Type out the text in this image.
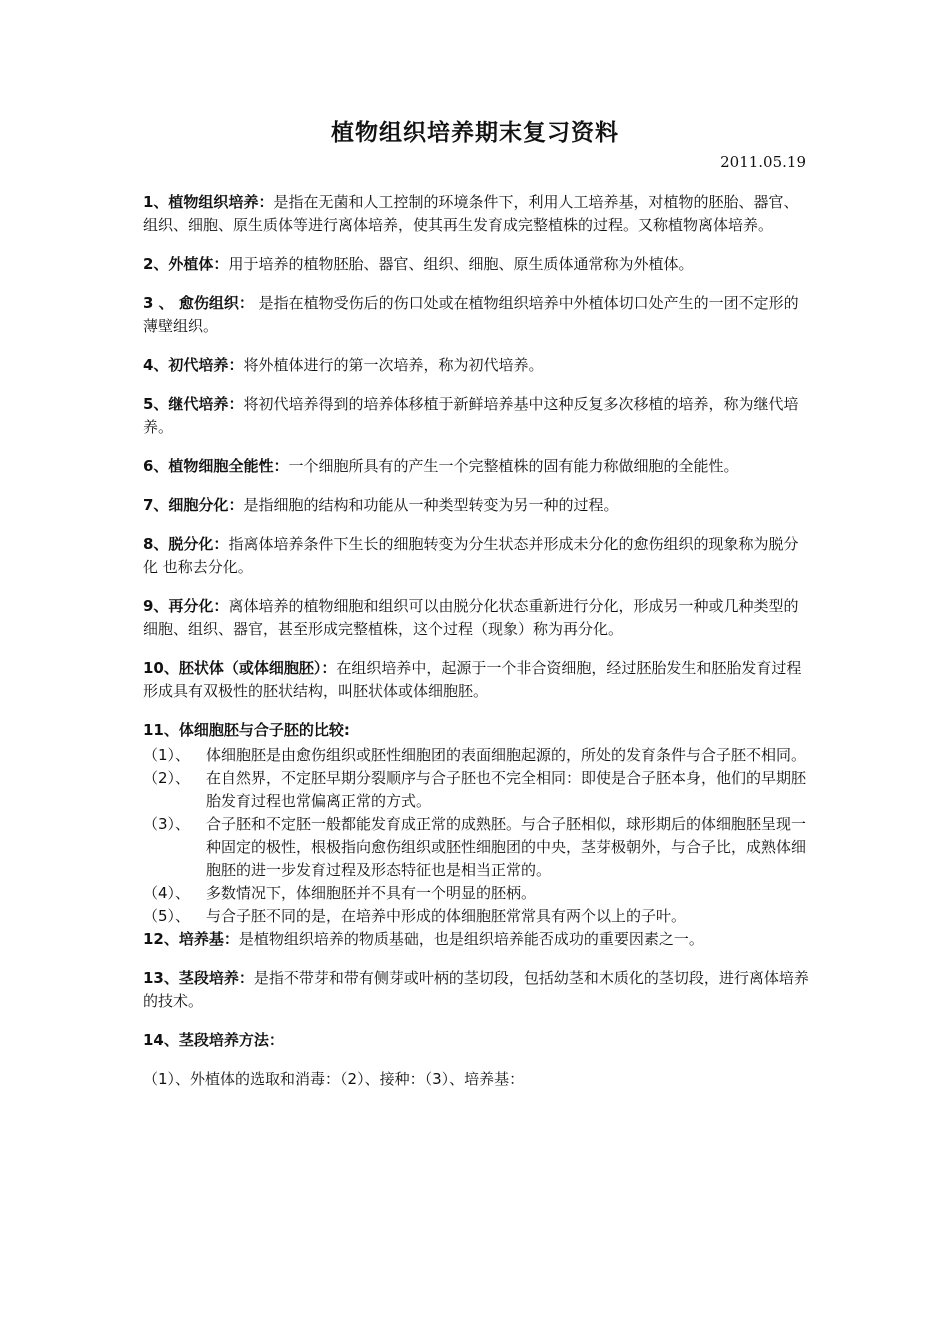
植物组织培养期末复习资料
2011.05.19

1、植物组织培养：是指在无菌和人工控制的环境条件下，利用人工培养基，对植物的胚胎、器官、组织、细胞、原生质体等进行离体培养，使其再生发育成完整植株的过程。又称植物离体培养。

2、外植体：用于培养的植物胚胎、器官、组织、细胞、原生质体通常称为外植体。

3 、 愈伤组织： 是指在植物受伤后的伤口处或在植物组织培养中外植体切口处产生的一团不定形的薄壁组织。

4、初代培养：将外植体进行的第一次培养，称为初代培养。

5、继代培养：将初代培养得到的培养体移植于新鲜培养基中这种反复多次移植的培养，称为继代培养。

6、植物细胞全能性：一个细胞所具有的产生一个完整植株的固有能力称做细胞的全能性。

7、细胞分化：是指细胞的结构和功能从一种类型转变为另一种的过程。

8、脱分化：指离体培养条件下生长的细胞转变为分生状态并形成未分化的愈伤组织的现象称为脱分化 也称去分化。

9、再分化：离体培养的植物细胞和组织可以由脱分化状态重新进行分化，形成另一种或几种类型的细胞、组织、器官，甚至形成完整植株，这个过程（现象）称为再分化。

10、胚状体（或体细胞胚）：在组织培养中，起源于一个非合资细胞，经过胚胎发生和胚胎发育过程形成具有双极性的胚状结构，叫胚状体或体细胞胚。

11、体细胞胚与合子胚的比较:

（1）、 体细胞胚是由愈伤组织或胚性细胞团的表面细胞起源的，所处的发育条件与合子胚不相同。

（2）、 在自然界，不定胚早期分裂顺序与合子胚也不完全相同：即使是合子胚本身，他们的早期胚胎发育过程也常偏离正常的方式。

（3）、 合子胚和不定胚一般都能发育成正常的成熟胚。与合子胚相似，球形期后的体细胞胚呈现一种固定的极性，根极指向愈伤组织或胚性细胞团的中央，茎芽极朝外，与合子比，成熟体细胞胚的进一步发育过程及形态特征也是相当正常的。

（4）、 多数情况下，体细胞胚并不具有一个明显的胚柄。

（5）、 与合子胚不同的是，在培养中形成的体细胞胚常常具有两个以上的子叶。

12、培养基：是植物组织培养的物质基础，也是组织培养能否成功的重要因素之一。

13、茎段培养：是指不带芽和带有侧芽或叶柄的茎切段，包括幼茎和木质化的茎切段，进行离体培养的技术。

14、茎段培养方法：

（1）、外植体的选取和消毒：（2）、接种：（3）、培养基：
